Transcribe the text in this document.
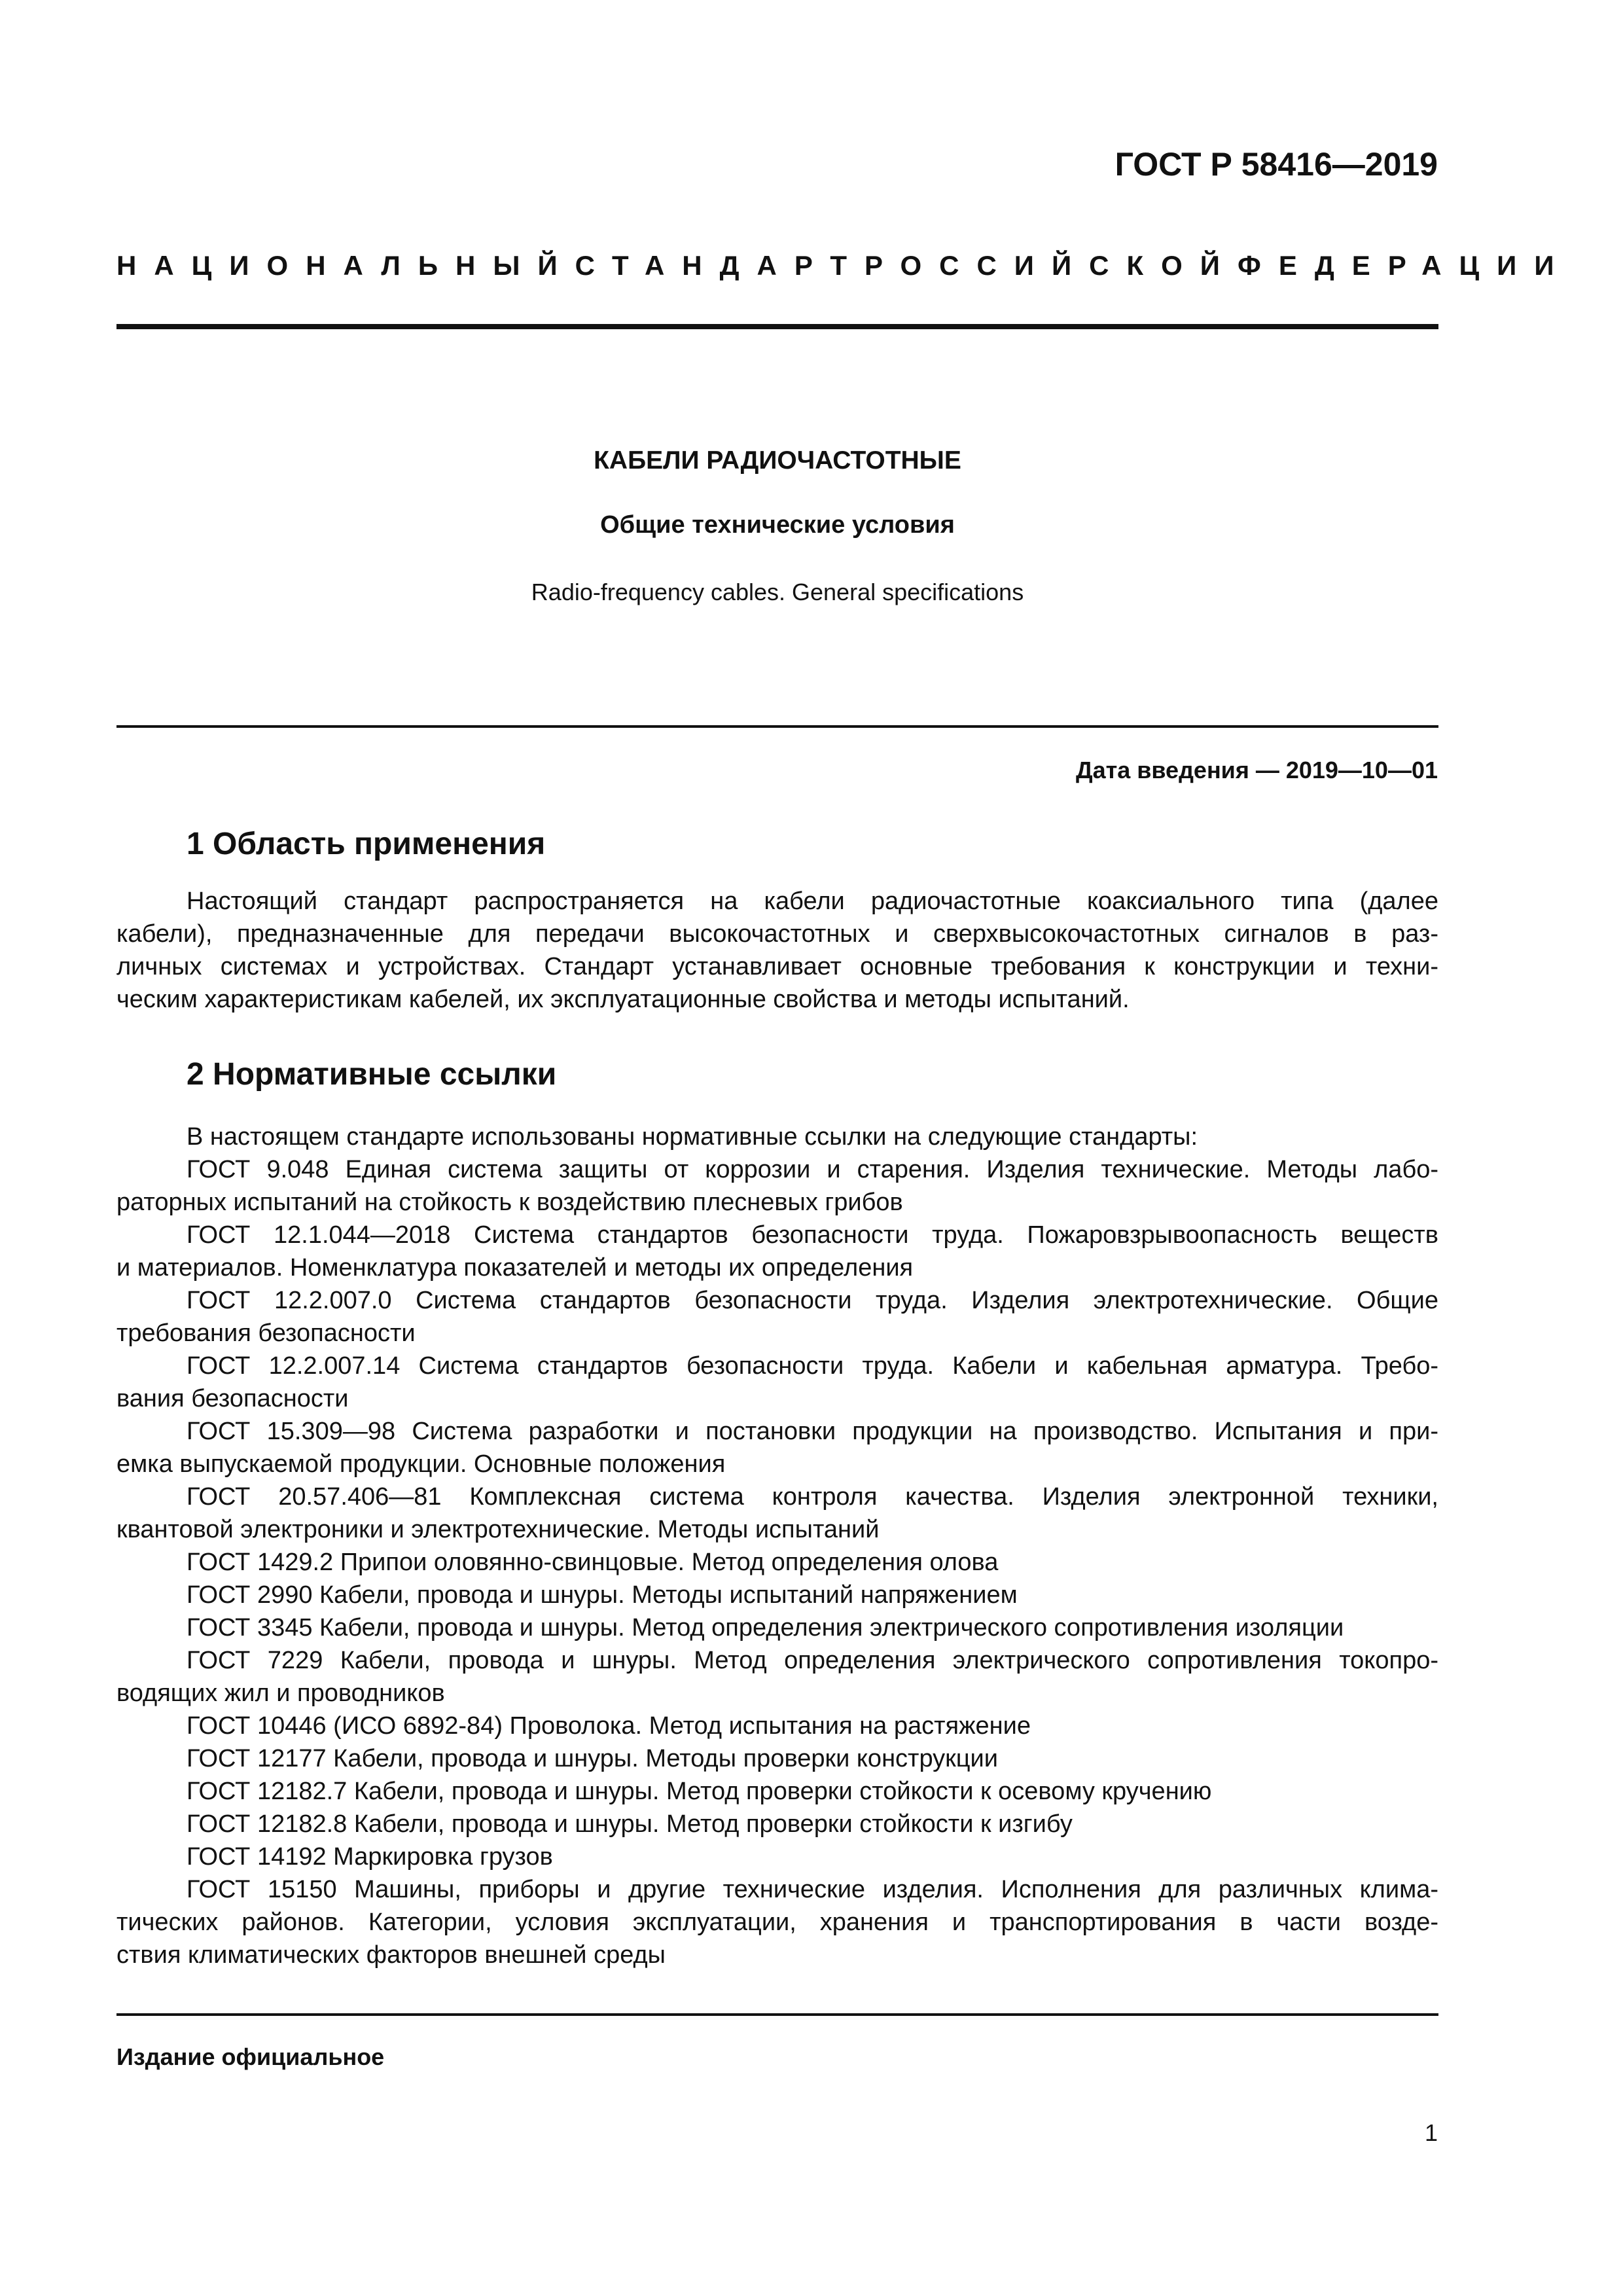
ГОСТ Р 58416—2019
НАЦИОНАЛЬНЫЙ СТАНДАРТ РОССИЙСКОЙ ФЕДЕРАЦИИ
КАБЕЛИ РАДИОЧАСТОТНЫЕ
Общие технические условия
Radio-frequency cables. General specifications
Дата введения — 2019—10—01
1 Область применения
Настоящий стандарт распространяется на кабели радиочастотные коаксиального типа (далее
кабели), предназначенные для передачи высокочастотных и сверхвысокочастотных сигналов в раз-
личных системах и устройствах. Стандарт устанавливает основные требования к конструкции и техни-
ческим характеристикам кабелей, их эксплуатационные свойства и методы испытаний.
2 Нормативные ссылки
В настоящем стандарте использованы нормативные ссылки на следующие стандарты:
ГОСТ 9.048 Единая система защиты от коррозии и старения. Изделия технические. Методы лабо-
раторных испытаний на стойкость к воздействию плесневых грибов
ГОСТ 12.1.044—2018 Система стандартов безопасности труда. Пожаровзрывоопасность веществ
и материалов. Номенклатура показателей и методы их определения
ГОСТ 12.2.007.0 Система стандартов безопасности труда. Изделия электротехнические. Общие
требования безопасности
ГОСТ 12.2.007.14 Система стандартов безопасности труда. Кабели и кабельная арматура. Требо-
вания безопасности
ГОСТ 15.309—98 Система разработки и постановки продукции на производство. Испытания и при-
емка выпускаемой продукции. Основные положения
ГОСТ 20.57.406—81 Комплексная система контроля качества. Изделия электронной техники,
квантовой электроники и электротехнические. Методы испытаний
ГОСТ 1429.2 Припои оловянно-свинцовые. Метод определения олова
ГОСТ 2990 Кабели, провода и шнуры. Методы испытаний напряжением
ГОСТ 3345 Кабели, провода и шнуры. Метод определения электрического сопротивления изоляции
ГОСТ 7229 Кабели, провода и шнуры. Метод определения электрического сопротивления токопро-
водящих жил и проводников
ГОСТ 10446 (ИСО 6892-84) Проволока. Метод испытания на растяжение
ГОСТ 12177 Кабели, провода и шнуры. Методы проверки конструкции
ГОСТ 12182.7 Кабели, провода и шнуры. Метод проверки стойкости к осевому кручению
ГОСТ 12182.8 Кабели, провода и шнуры. Метод проверки стойкости к изгибу
ГОСТ 14192 Маркировка грузов
ГОСТ 15150 Машины, приборы и другие технические изделия. Исполнения для различных клима-
тических районов. Категории, условия эксплуатации, хранения и транспортирования в части возде-
ствия климатических факторов внешней среды
Издание официальное
1
